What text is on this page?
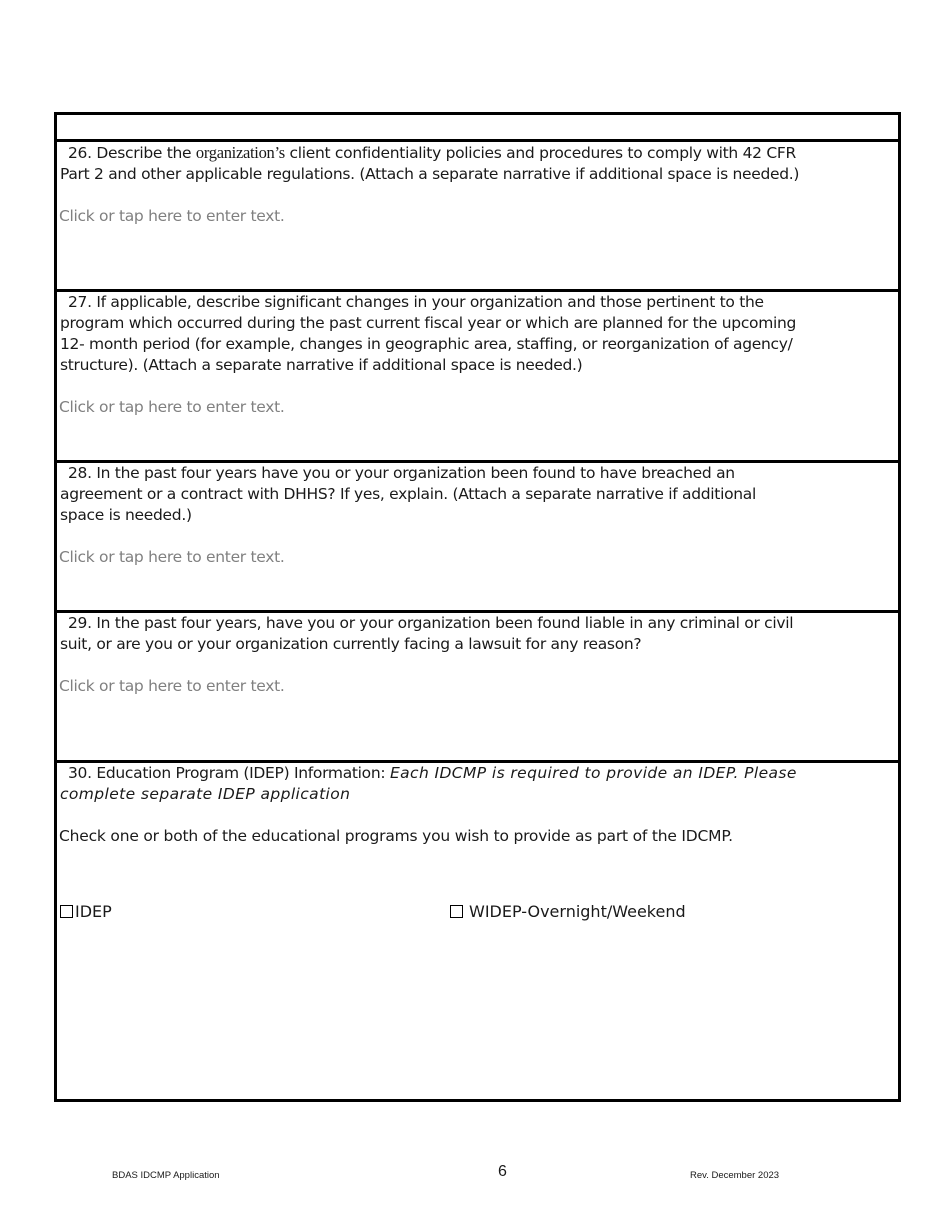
26. Describe the organization’s client confidentiality policies and procedures to comply with 42 CFR Part 2 and other applicable regulations. (Attach a separate narrative if additional space is needed.)
Click or tap here to enter text.
27. If applicable, describe significant changes in your organization and those pertinent to the program which occurred during the past current fiscal year or which are planned for the upcoming 12- month period (for example, changes in geographic area, staffing, or reorganization of agency/ structure). (Attach a separate narrative if additional space is needed.)
Click or tap here to enter text.
28. In the past four years have you or your organization been found to have breached an agreement or a contract with DHHS? If yes, explain. (Attach a separate narrative if additional space is needed.)
Click or tap here to enter text.
29. In the past four years, have you or your organization been found liable in any criminal or civil suit, or are you or your organization currently facing a lawsuit for any reason?
Click or tap here to enter text.
30. Education Program (IDEP) Information: Each IDCMP is required to provide an IDEP. Please complete separate IDEP application
Check one or both of the educational programs you wish to provide as part of the IDCMP.
IDEP	WIDEP-Overnight/Weekend
BDAS IDCMP Application	6	Rev. December 2023
